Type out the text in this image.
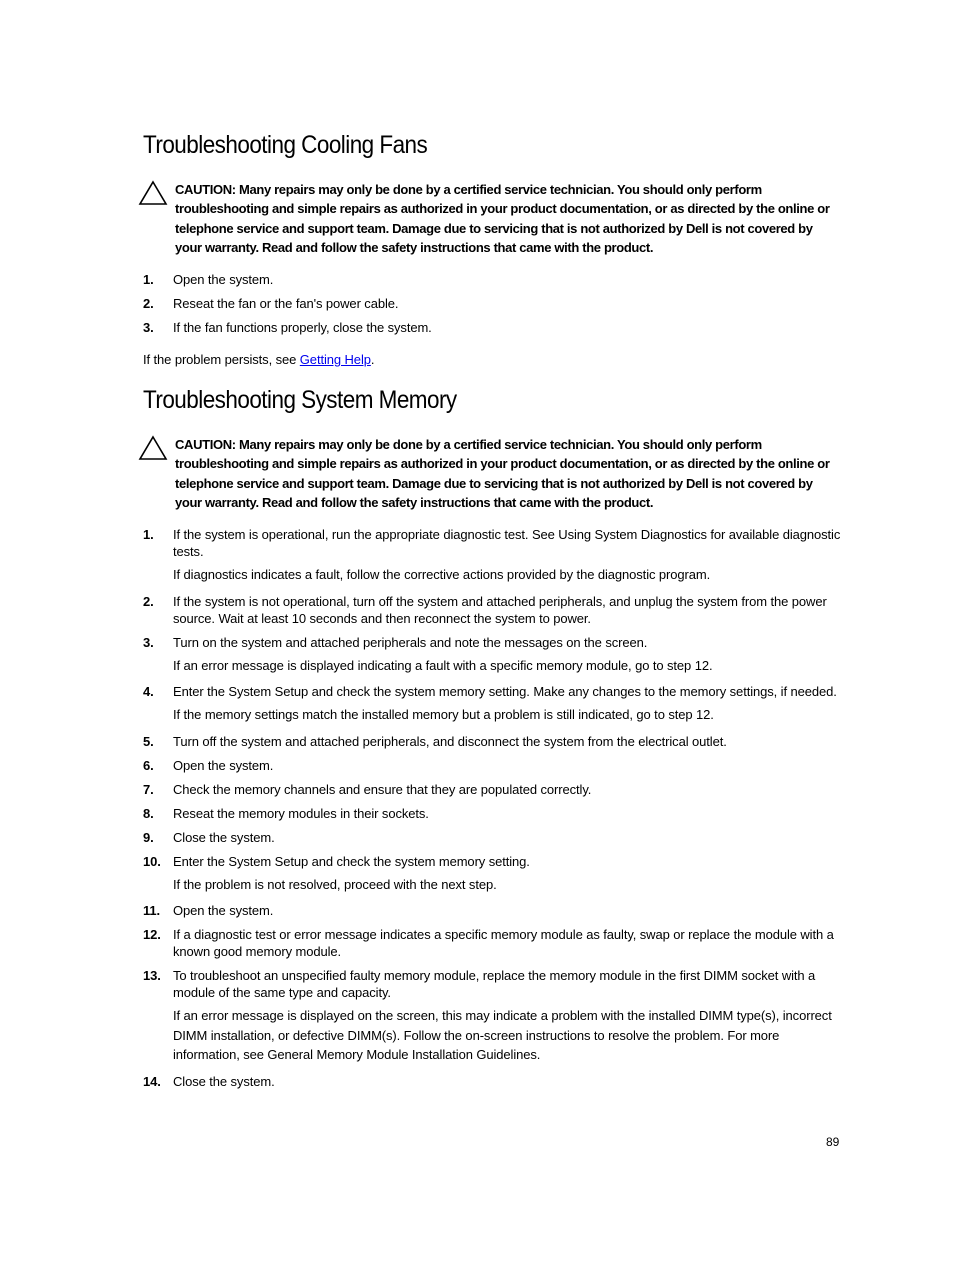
Troubleshooting Cooling Fans
CAUTION: Many repairs may only be done by a certified service technician. You should only perform troubleshooting and simple repairs as authorized in your product documentation, or as directed by the online or telephone service and support team. Damage due to servicing that is not authorized by Dell is not covered by your warranty. Read and follow the safety instructions that came with the product.
1. Open the system.
2. Reseat the fan or the fan's power cable.
3. If the fan functions properly, close the system.
If the problem persists, see Getting Help.
Troubleshooting System Memory
CAUTION: Many repairs may only be done by a certified service technician. You should only perform troubleshooting and simple repairs as authorized in your product documentation, or as directed by the online or telephone service and support team. Damage due to servicing that is not authorized by Dell is not covered by your warranty. Read and follow the safety instructions that came with the product.
1. If the system is operational, run the appropriate diagnostic test. See Using System Diagnostics for available diagnostic tests.
If diagnostics indicates a fault, follow the corrective actions provided by the diagnostic program.
2. If the system is not operational, turn off the system and attached peripherals, and unplug the system from the power source. Wait at least 10 seconds and then reconnect the system to power.
3. Turn on the system and attached peripherals and note the messages on the screen.
If an error message is displayed indicating a fault with a specific memory module, go to step 12.
4. Enter the System Setup and check the system memory setting. Make any changes to the memory settings, if needed.
If the memory settings match the installed memory but a problem is still indicated, go to step 12.
5. Turn off the system and attached peripherals, and disconnect the system from the electrical outlet.
6. Open the system.
7. Check the memory channels and ensure that they are populated correctly.
8. Reseat the memory modules in their sockets.
9. Close the system.
10. Enter the System Setup and check the system memory setting.
If the problem is not resolved, proceed with the next step.
11. Open the system.
12. If a diagnostic test or error message indicates a specific memory module as faulty, swap or replace the module with a known good memory module.
13. To troubleshoot an unspecified faulty memory module, replace the memory module in the first DIMM socket with a module of the same type and capacity.
If an error message is displayed on the screen, this may indicate a problem with the installed DIMM type(s), incorrect DIMM installation, or defective DIMM(s). Follow the on-screen instructions to resolve the problem. For more information, see General Memory Module Installation Guidelines.
14. Close the system.
89
